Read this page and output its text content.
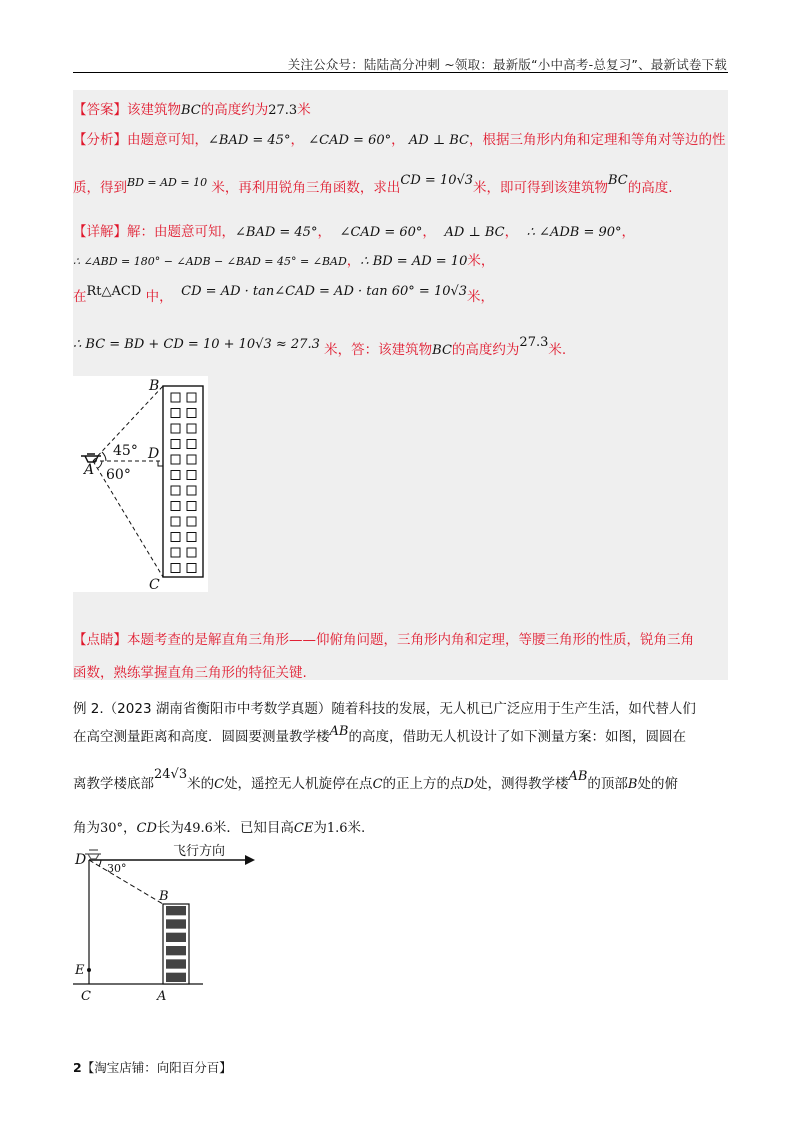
关注公众号：陆陆高分冲刺 ~领取：最新版“小中高考-总复习”、最新试卷下载
【答案】该建筑物BC的高度约为27.3米
【分析】由题意可知，∠BAD = 45°， ∠CAD = 60°， AD ⊥ BC，根据三角形内角和定理和等角对等边的性
质，得到$^{BD = AD = 10}$ 米，再利用锐角三角函数，求出CD = 10√3米，即可得到该建筑物BC的高度.
【详解】解：由题意可知，∠BAD = 45°，  ∠CAD = 60°，  AD ⊥ BC，  ∴ ∠ADB = 90°，
∴ ∠ABD = 180° − ∠ADB − ∠BAD = 45° = ∠BAD，∴ BD = AD = 10米，
在Rt△ACD 中， CD = AD · tan∠CAD = AD · tan 60° = 10√3米，
∴ BC = BD + CD = 10 + 10√3 ≈ 27.3 米，答：该建筑物BC的高度约为27.3米.
B
D
A
C
45°
60°
【点睛】本题考查的是解直角三角形——仰俯角问题，三角形内角和定理，等腰三角形的性质，锐角三角
函数，熟练掌握直角三角形的特征关键.
例 2.（2023 湖南省衡阳市中考数学真题）随着科技的发展，无人机已广泛应用于生产生活，如代替人们
在高空测量距离和高度．圆圆要测量教学楼AB的高度，借助无人机设计了如下测量方案：如图，圆圆在
离教学楼底部24√3米的C处，遥控无人机旋停在点C的正上方的点D处，测得教学楼AB的顶部B处的俯
角为30°，CD长为49.6米．已知目高CE为1.6米.
D
30°
飞行方向
B
E
C	A
2【淘宝店铺：向阳百分百】
